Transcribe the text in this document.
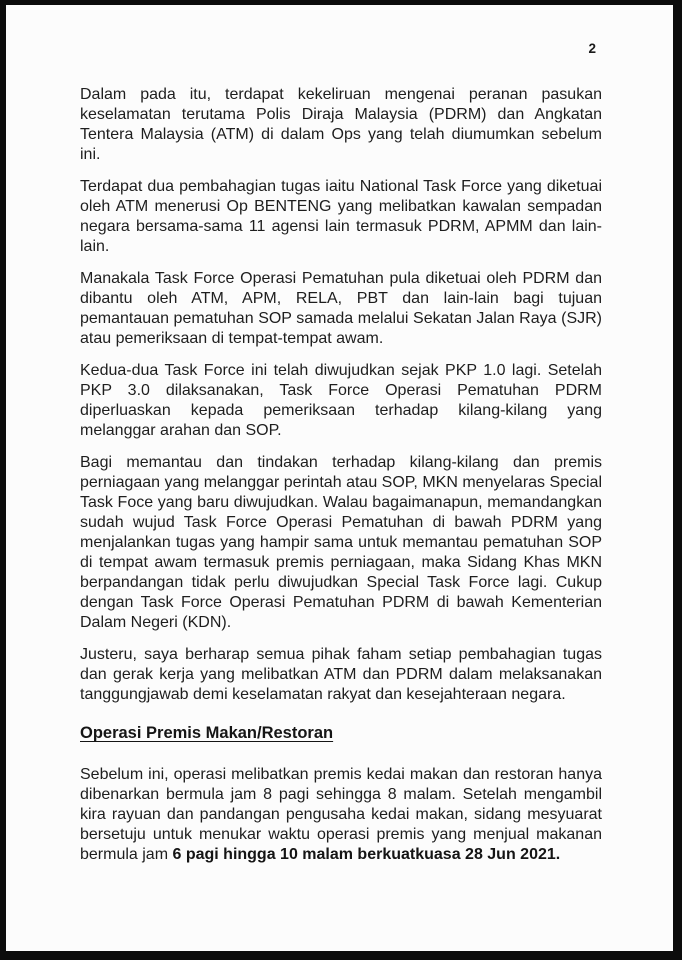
2

Dalam pada itu, terdapat kekeliruan mengenai peranan pasukan keselamatan terutama Polis Diraja Malaysia (PDRM) dan Angkatan Tentera Malaysia (ATM) di dalam Ops yang telah diumumkan sebelum ini.

Terdapat dua pembahagian tugas iaitu National Task Force yang diketuai oleh ATM menerusi Op BENTENG yang melibatkan kawalan sempadan negara bersama-sama 11 agensi lain termasuk PDRM, APMM dan lain-lain.

Manakala Task Force Operasi Pematuhan pula diketuai oleh PDRM dan dibantu oleh ATM, APM, RELA, PBT dan lain-lain bagi tujuan pemantauan pematuhan SOP samada melalui Sekatan Jalan Raya (SJR) atau pemeriksaan di tempat-tempat awam.

Kedua-dua Task Force ini telah diwujudkan sejak PKP 1.0 lagi. Setelah PKP 3.0 dilaksanakan, Task Force Operasi Pematuhan PDRM diperluaskan kepada pemeriksaan terhadap kilang-kilang yang melanggar arahan dan SOP.

Bagi memantau dan tindakan terhadap kilang-kilang dan premis perniagaan yang melanggar perintah atau SOP, MKN menyelaras Special Task Foce yang baru diwujudkan. Walau bagaimanapun, memandangkan sudah wujud Task Force Operasi Pematuhan di bawah PDRM yang menjalankan tugas yang hampir sama untuk memantau pematuhan SOP di tempat awam termasuk premis perniagaan, maka Sidang Khas MKN berpandangan tidak perlu diwujudkan Special Task Force lagi. Cukup dengan Task Force Operasi Pematuhan PDRM di bawah Kementerian Dalam Negeri (KDN).

Justeru, saya berharap semua pihak faham setiap pembahagian tugas dan gerak kerja yang melibatkan ATM dan PDRM dalam melaksanakan tanggungjawab demi keselamatan rakyat dan kesejahteraan negara.

Operasi Premis Makan/Restoran

Sebelum ini, operasi melibatkan premis kedai makan dan restoran hanya dibenarkan bermula jam 8 pagi sehingga 8 malam. Setelah mengambil kira rayuan dan pandangan pengusaha kedai makan, sidang mesyuarat bersetuju untuk menukar waktu operasi premis yang menjual makanan bermula jam 6 pagi hingga 10 malam berkuatkuasa 28 Jun 2021.
